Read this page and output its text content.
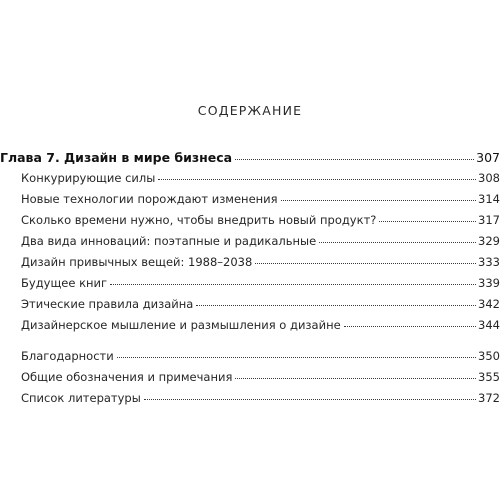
СОДЕРЖАНИЕ
Глава 7. Дизайн в мире бизнеса	307
Конкурирующие силы	308
Новые технологии порождают изменения	314
Сколько времени нужно, чтобы внедрить новый продукт?	317
Два вида инноваций: поэтапные и радикальные	329
Дизайн привычных вещей: 1988–2038	333
Будущее книг	339
Этические правила дизайна	342
Дизайнерское мышление и размышления о дизайне	344
Благодарности	350
Общие обозначения и примечания	355
Список литературы	372
